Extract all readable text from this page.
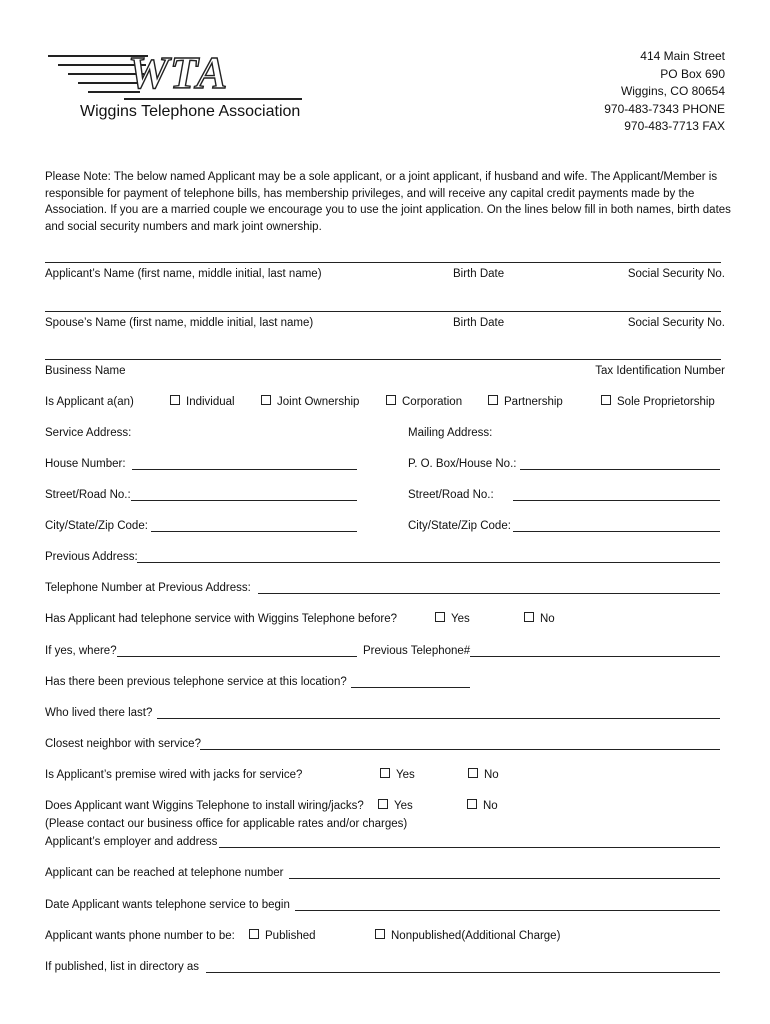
WTA
Wiggins Telephone Association
414 Main Street
PO Box 690
Wiggins, CO 80654
970-483-7343 PHONE
970-483-7713 FAX
Please Note: The below named Applicant may be a sole applicant, or a joint applicant, if husband and wife. The Applicant/Member is responsible for payment of telephone bills, has membership privileges, and will receive any capital credit payments made by the Association. If you are a married couple we encourage you to use the joint application. On the lines below fill in both names, birth dates and social security numbers and mark joint ownership.
Applicant’s Name (first name, middle initial, last name)	Birth Date	Social Security No.
Spouse’s Name (first name, middle initial, last name)	Birth Date	Social Security No.
Business Name	Tax Identification Number
Is Applicant a(an)	Individual	Joint Ownership	Corporation	Partnership	Sole Proprietorship
Service Address:	Mailing Address:
House Number:	P. O. Box/House No.:
Street/Road No.:	Street/Road No.:
City/State/Zip Code:	City/State/Zip Code:
Previous Address:
Telephone Number at Previous Address:
Has Applicant had telephone service with Wiggins Telephone before?	Yes	No
If yes, where?	Previous Telephone#
Has there been previous telephone service at this location?
Who lived there last?
Closest neighbor with service?
Is Applicant’s premise wired with jacks for service?	Yes	No
Does Applicant want Wiggins Telephone to install wiring/jacks?	Yes	No
(Please contact our business office for applicable rates and/or charges)
Applicant’s employer and address
Applicant can be reached at telephone number
Date Applicant wants telephone service to begin
Applicant wants phone number to be:	Published	Nonpublished(Additional Charge)
If published, list in directory as
